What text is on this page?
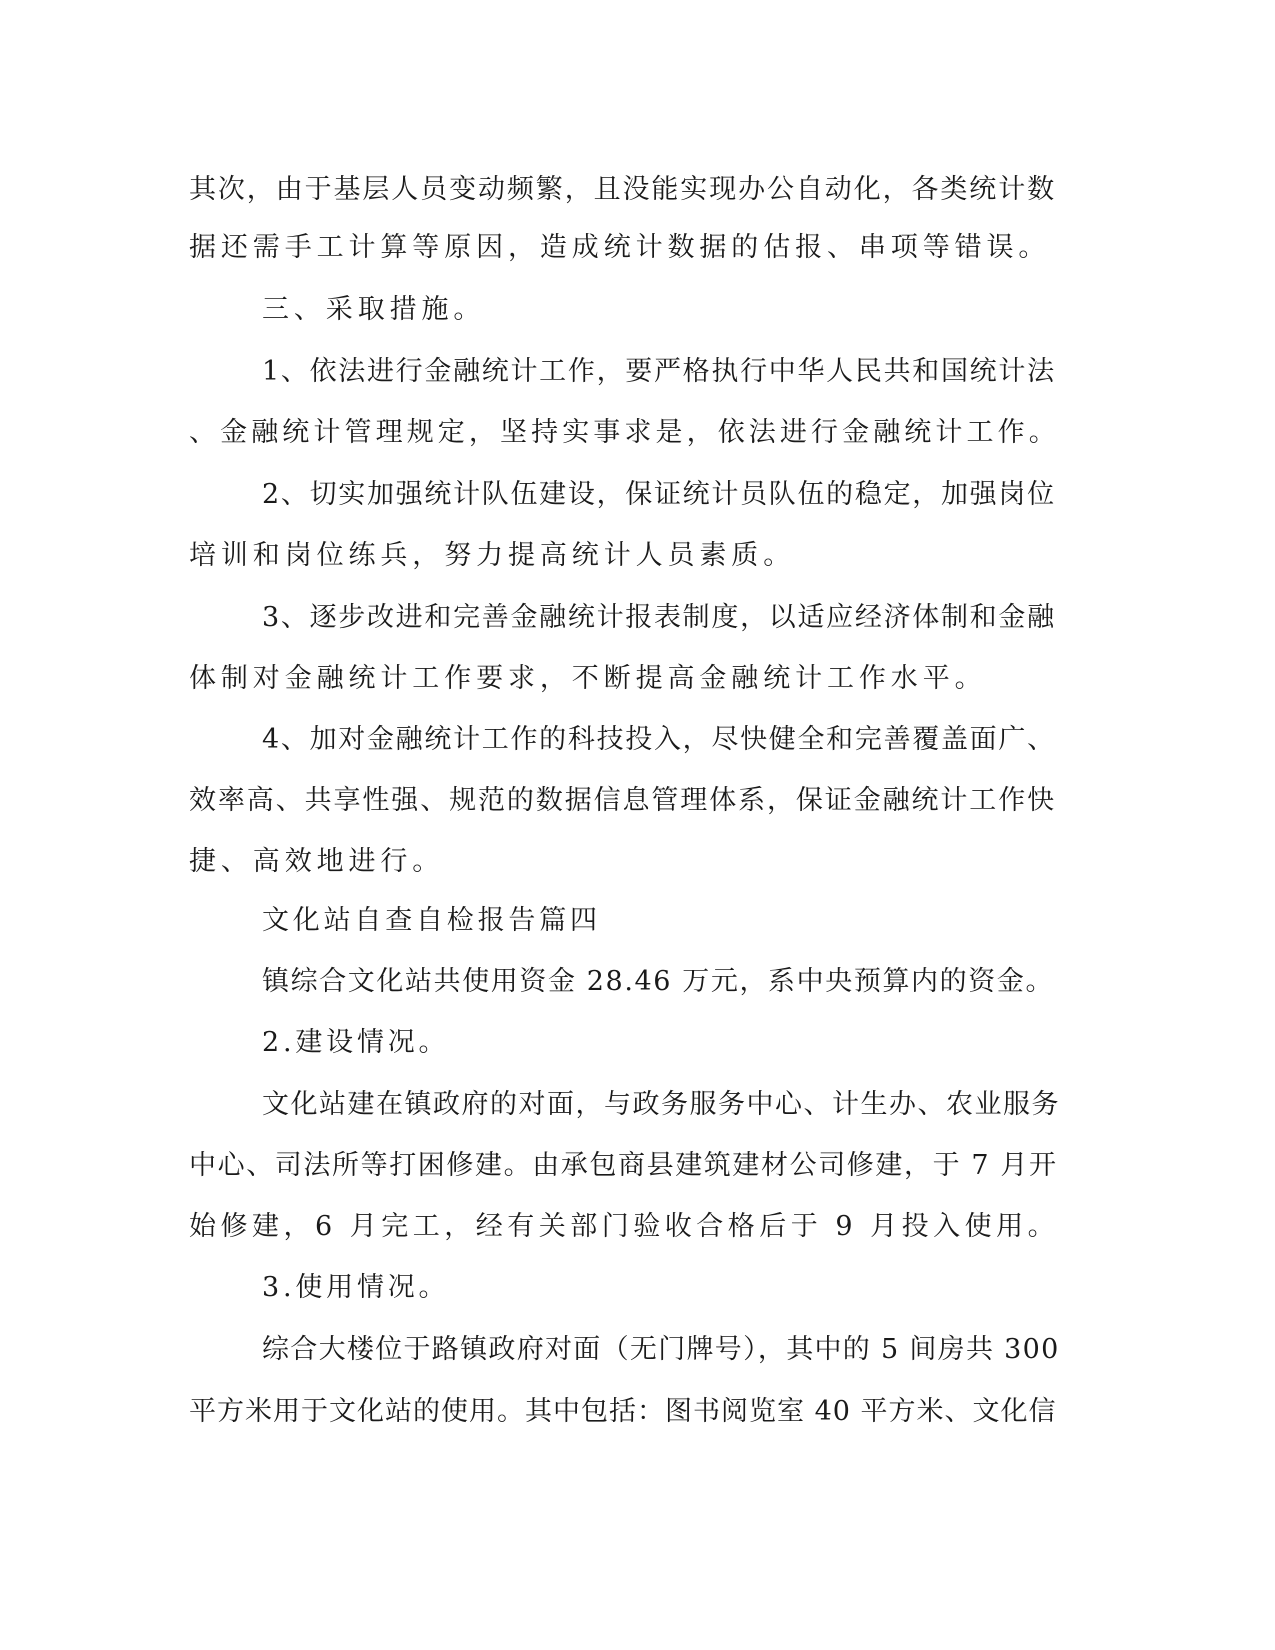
其次，由于基层人员变动频繁，且没能实现办公自动化，各类统计数
据还需手工计算等原因，造成统计数据的估报、串项等错误。
三、采取措施。
1、依法进行金融统计工作，要严格执行中华人民共和国统计法
、金融统计管理规定，坚持实事求是，依法进行金融统计工作。
2、切实加强统计队伍建设，保证统计员队伍的稳定，加强岗位
培训和岗位练兵，努力提高统计人员素质。
3、逐步改进和完善金融统计报表制度，以适应经济体制和金融
体制对金融统计工作要求，不断提高金融统计工作水平。
4、加对金融统计工作的科技投入，尽快健全和完善覆盖面广、
效率高、共享性强、规范的数据信息管理体系，保证金融统计工作快
捷、高效地进行。
文化站自查自检报告篇四
镇综合文化站共使用资金 28.46 万元，系中央预算内的资金。
2.建设情况。
文化站建在镇政府的对面，与政务服务中心、计生办、农业服务
中心、司法所等打困修建。由承包商县建筑建材公司修建，于 7 月开
始修建，6 月完工，经有关部门验收合格后于 9 月投入使用。
3.使用情况。
综合大楼位于路镇政府对面（无门牌号），其中的 5 间房共 300
平方米用于文化站的使用。其中包括：图书阅览室 40 平方米、文化信
